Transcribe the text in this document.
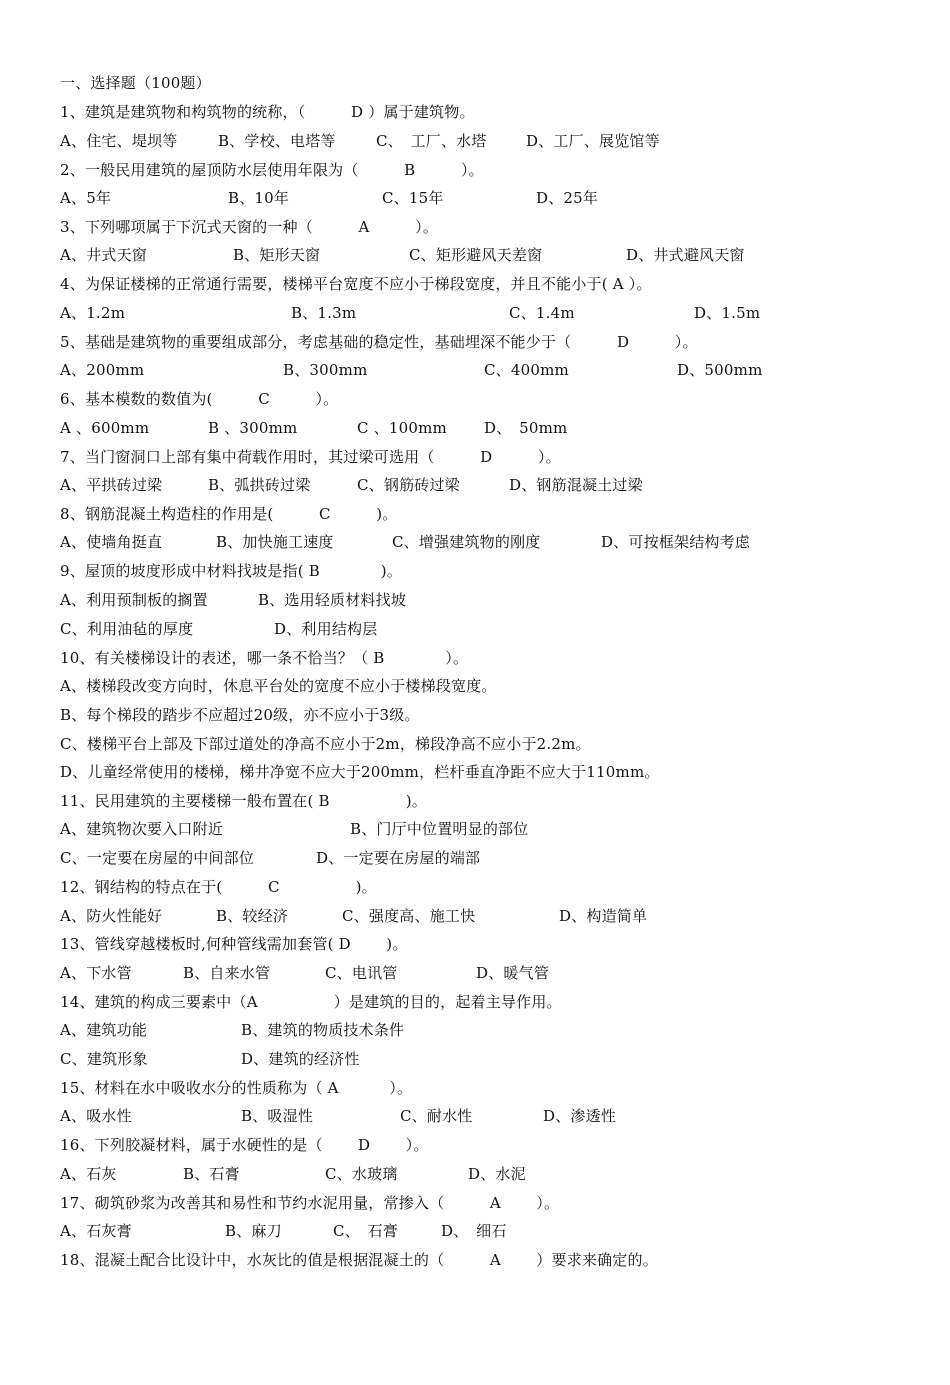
一、选择题（100题）
1、建筑是建筑物和构筑物的统称，（　　　D ）属于建筑物。

A、住宅、堤坝等

	B、学校、电塔等

	C、　工厂、水塔

	D、工厂、展览馆等

2、一般民用建筑的屋顶防水层使用年限为（　　　B　　　）。

A、5年

	B、10年

	C、15年

	D、25年

3、下列哪项属于下沉式天窗的一种（　　　A　　　）。

A、井式天窗

	B、矩形天窗

	C、矩形避风天差窗

	D、井式避风天窗

4、为保证楼梯的正常通行需要，楼梯平台宽度不应小于梯段宽度，并且不能小于( A ）。

A、1.2m

	B、1.3m

	C、1.4m

	D、1.5m

5、基础是建筑物的重要组成部分，考虑基础的稳定性，基础埋深不能少于（　　　D　　　）。

A、200mm

	B、300mm

	C、400mm

	D、500mm

6、基本模数的数值为(　　　C　　　）。

A 、600mm

	B 、300mm

	C 、100mm

D、　50mm

7、当门窗洞口上部有集中荷载作用时，其过梁可选用（　　　D　　　）。

A、平拱砖过梁

	B、弧拱砖过梁

	C、钢筋砖过梁

	D、钢筋混凝土过梁

8、钢筋混凝土构造柱的作用是(　　　C　　　)。

A、使墙角挺直

	B、加快施工速度

	C、增强建筑物的刚度

	D、可按框架结构考虑

9、屋顶的坡度形成中材料找坡是指( B　　　　)。

A、利用预制板的搁置

	B、选用轻质材料找坡

C、利用油毡的厚度

	D、利用结构层

10、有关楼梯设计的表述，哪一条不恰当？（ B　　　　）。
A、楼梯段改变方向时，休息平台处的宽度不应小于楼梯段宽度。
B、每个梯段的踏步不应超过20级，亦不应小于3级。
C、楼梯平台上部及下部过道处的净高不应小于2m，梯段净高不应小于2.2m。
D、儿童经常使用的楼梯，梯井净宽不应大于200mm，栏杆垂直净距不应大于110mm。
11、民用建筑的主要楼梯一般布置在( B　　　　　)。

A、建筑物次要入口附近

	B、门厅中位置明显的部位

C、一定要在房屋的中间部位

	D、一定要在房屋的端部

12、钢结构的特点在于(　　　C　　　　　)。

A、防火性能好

	B、较经济

	C、强度高、施工快

	D、构造简单

13、管线穿越楼板时,何种管线需加套管( D　　 )。

A、下水管

	B、自来水管

	C、电讯管

	D、暖气管

14、建筑的构成三要素中（A　　　　　）是建筑的目的，起着主导作用。

A、建筑功能

	B、建筑的物质技术条件

C、建筑形象

	D、建筑的经济性

15、材料在水中吸收水分的性质称为（ A　　　 ）。

A、吸水性

	B、吸湿性

	C、耐水性

	D、渗透性

16、下列胶凝材料，属于水硬性的是（　　 D　　 ）。

A、石灰

	B、石膏

	C、水玻璃

	D、水泥

17、砌筑砂浆为改善其和易性和节约水泥用量，常掺入（　　　A　　 ）。

A、石灰膏

	B、麻刀

	C、　石膏

	D、　细石

18、混凝土配合比设计中，水灰比的值是根据混凝土的（　　　A　　 ）要求来确定的。
